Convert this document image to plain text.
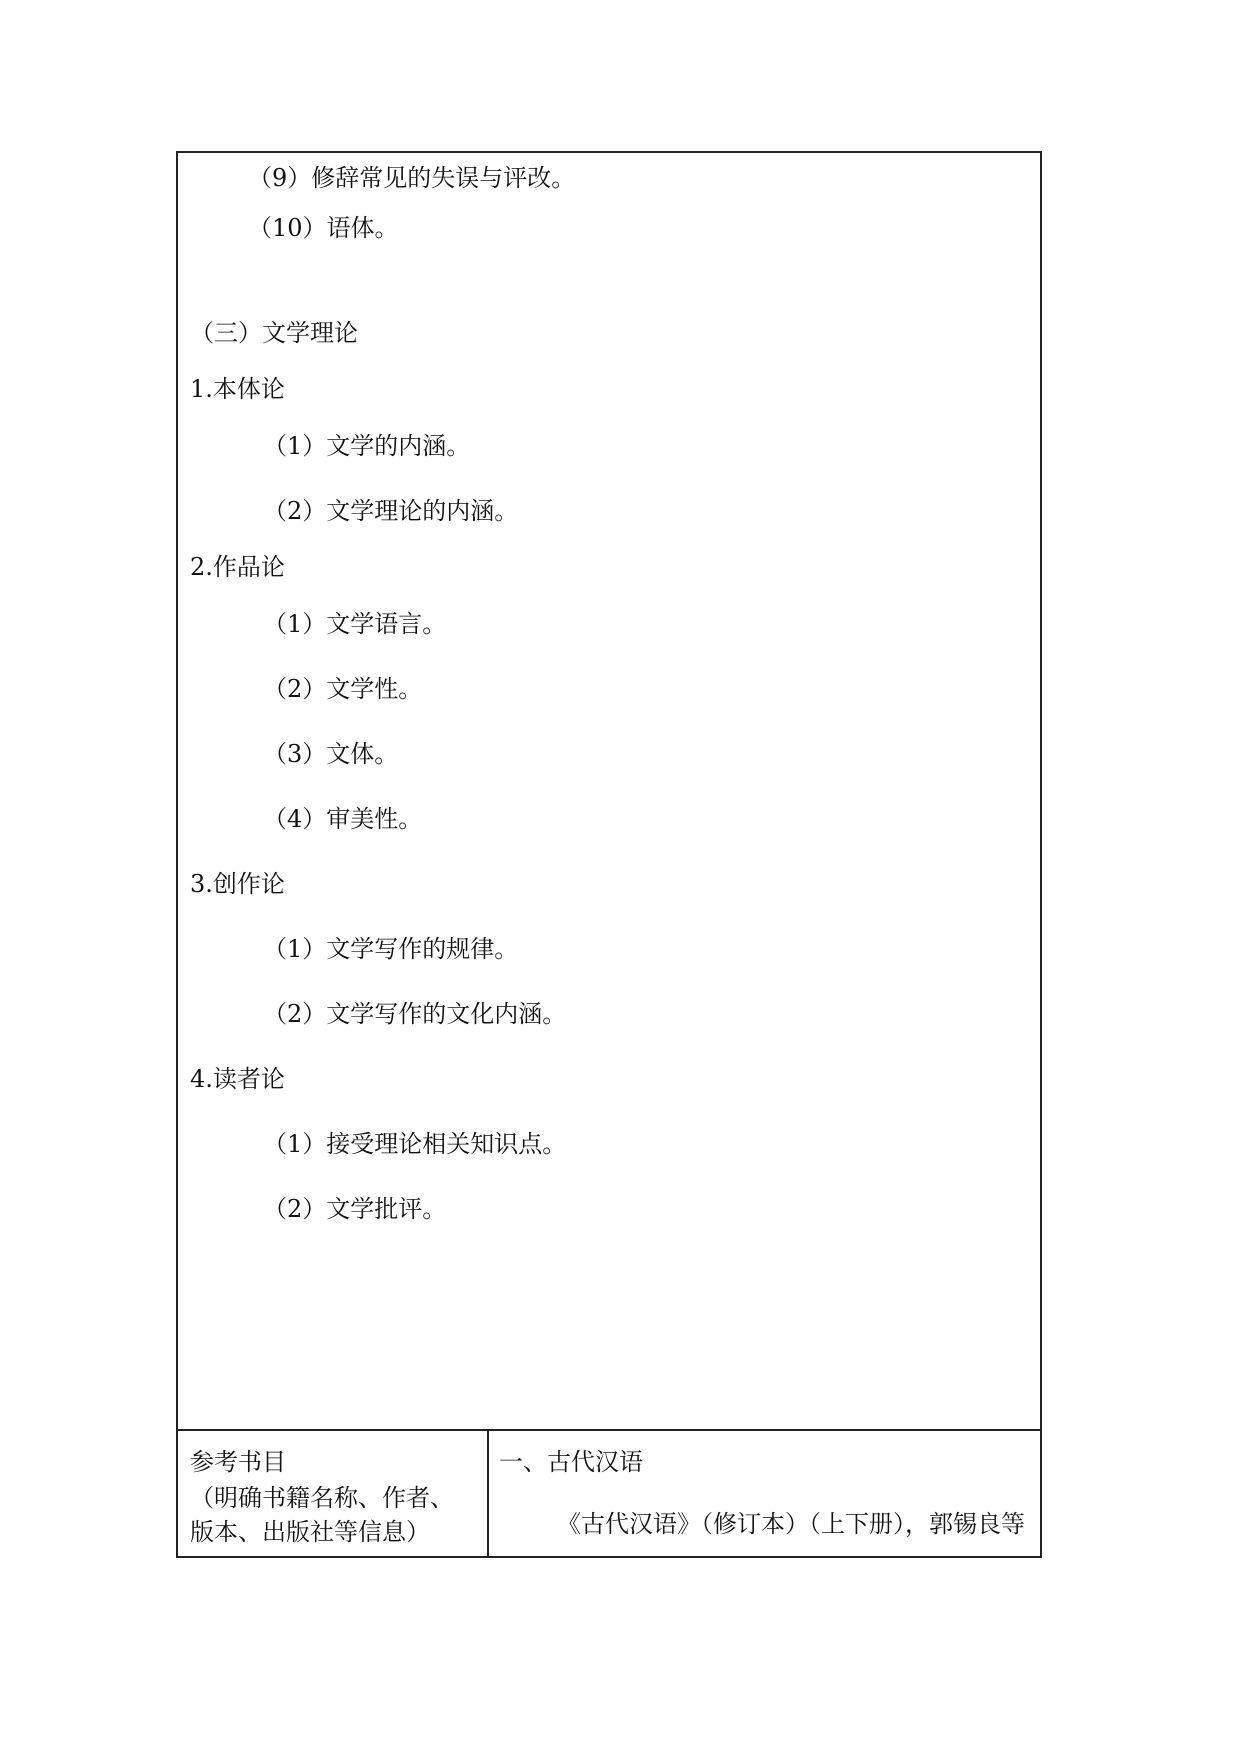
（9）修辞常见的失误与评改。
（10）语体。
（三）文学理论
1.本体论
（1）文学的内涵。
（2）文学理论的内涵。
2.作品论
（1）文学语言。
（2）文学性。
（3）文体。
（4）审美性。
3.创作论
（1）文学写作的规律。
（2）文学写作的文化内涵。
4.读者论
（1）接受理论相关知识点。
（2）文学批评。
参考书目
（明确书籍名称、作者、
版本、出版社等信息）
一、古代汉语
《古代汉语》（修订本）（上下册），郭锡良等
